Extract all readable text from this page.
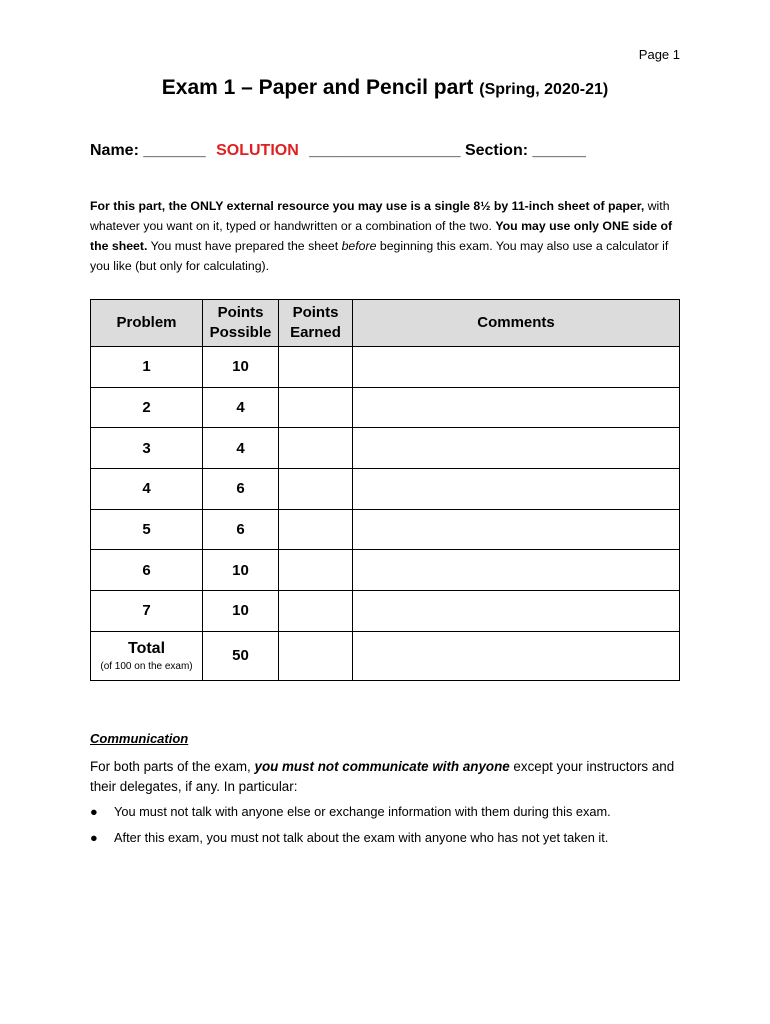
Page 1
Exam 1 – Paper and Pencil part (Spring, 2020-21)
Name: _______ SOLUTION _________________ Section: ______
For this part, the ONLY external resource you may use is a single 8½ by 11-inch sheet of paper, with whatever you want on it, typed or handwritten or a combination of the two. You may use only ONE side of the sheet. You must have prepared the sheet before beginning this exam. You may also use a calculator if you like (but only for calculating).
Problem	Points Possible	Points Earned	Comments
1	10		
2	4		
3	4		
4	6		
5	6		
6	10		
7	10		

Total
(of 100 on the exam)	50		
Communication
For both parts of the exam, you must not communicate with anyone except your instructors and their delegates, if any. In particular:
● You must not talk with anyone else or exchange information with them during this exam.
● After this exam, you must not talk about the exam with anyone who has not yet taken it.
